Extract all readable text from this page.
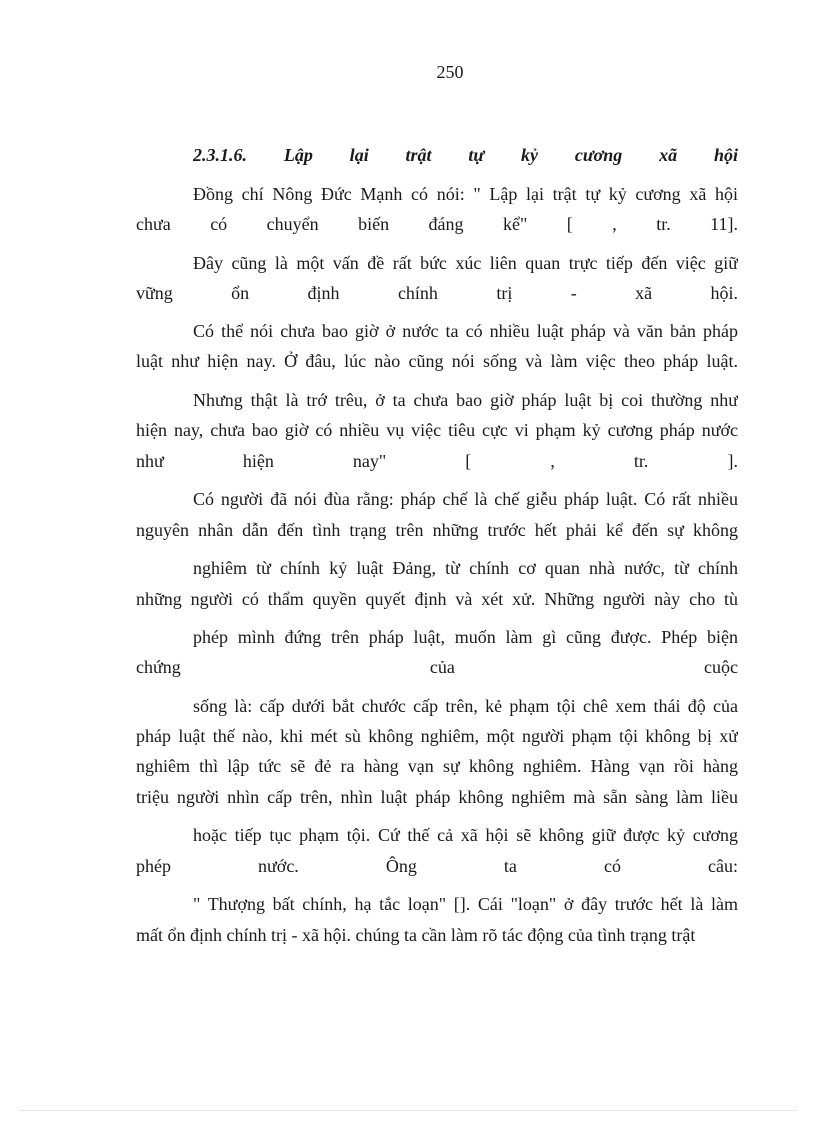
250
2.3.1.6. Lập lại trật tự kỷ cương xã hội
Đồng chí Nông Đức Mạnh có nói: " Lập lại trật tự kỷ cương xã hội
chưa có chuyển biến đáng kể" [ , tr. 11].
Đây cũng là một vấn đề rất bức xúc liên quan trực tiếp đến việc giữ
vững ổn định chính trị - xã hội.
Có thể nói chưa bao giờ ở nước ta có nhiều luật pháp và văn bản pháp
luật như hiện nay. Ở đâu, lúc nào cũng nói sống và làm việc theo pháp luật.
Nhưng thật là trớ trêu, ở ta chưa bao giờ pháp luật bị coi thường như
hiện nay, chưa bao giờ có nhiều vụ việc tiêu cực vi phạm kỷ cương pháp nước
như hiện nay" [ , tr. ].
Có người đã nói đùa rằng: pháp chế là chế giễu pháp luật. Có rất nhiều
nguyên nhân dẫn đến tình trạng trên những trước hết phải kể đến sự không
nghiêm từ chính kỷ luật Đảng, từ chính cơ quan nhà nước, từ chính
những người có thẩm quyền quyết định và xét xử. Những người này cho tù
phép mình đứng trên pháp luật, muốn làm gì cũng được. Phép biện
chứng của cuộc
sống là: cấp dưới bắt chước cấp trên, kẻ phạm tội chê xem thái độ của
pháp luật thế nào, khi mét sù không nghiêm, một người phạm tội không bị xử
nghiêm thì lập tức sẽ đẻ ra hàng vạn sự không nghiêm. Hàng vạn rồi hàng
triệu người nhìn cấp trên, nhìn luật pháp không nghiêm mà sẵn sàng làm liều
hoặc tiếp tục phạm tội. Cứ thế cả xã hội sẽ không giữ được kỷ cương
phép nước. Ông ta có câu:
" Thượng bất chính, hạ tắc loạn" []. Cái "loạn" ở đây trước hết là làm
mất ổn định chính trị - xã hội. chúng ta cần làm rõ tác động của tình trạng trật
